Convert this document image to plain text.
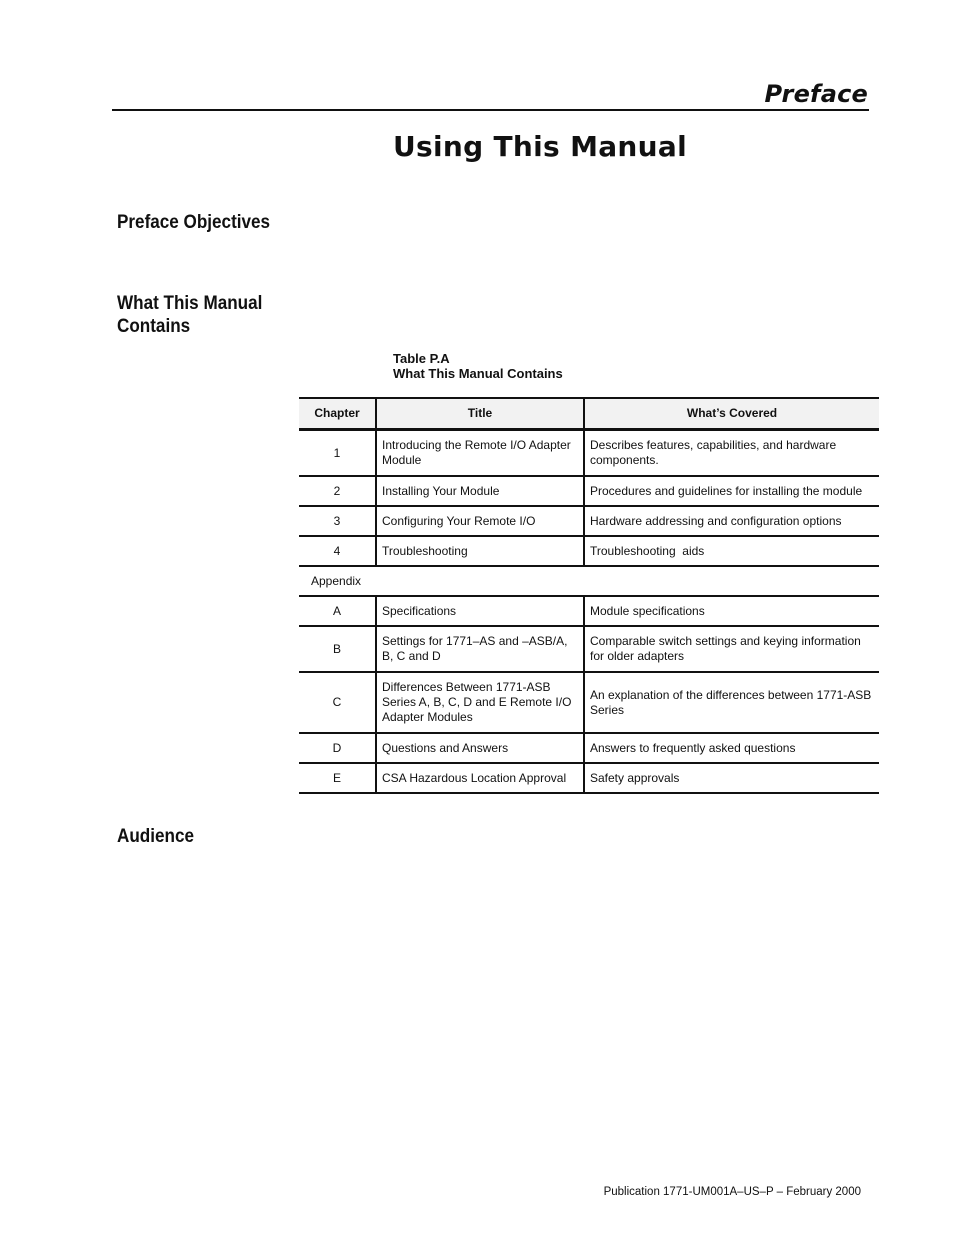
Preface
Using This Manual
Preface Objectives
What This Manual
Contains
Table P.A
What This Manual Contains
Chapter	Title	What’s Covered
1	Introducing the Remote I/O Adapter Module	Describes features, capabilities, and hardware components.
2	Installing Your Module	Procedures and guidelines for installing the module
3	Configuring Your Remote I/O	Hardware addressing and configuration options
4	Troubleshooting	Troubleshooting  aids
Appendix		
A	Specifications	Module specifications
B	Settings for 1771–AS and –ASB/A, B, C and D	Comparable switch settings and keying information for older adapters
C	Differences Between 1771-ASB Series A, B, C, D and E Remote I/O Adapter Modules	An explanation of the differences between 1771-ASB Series
D	Questions and Answers	Answers to frequently asked questions
E	CSA Hazardous Location Approval	Safety approvals
Audience
Publication 1771-UM001A–US–P – February 2000
